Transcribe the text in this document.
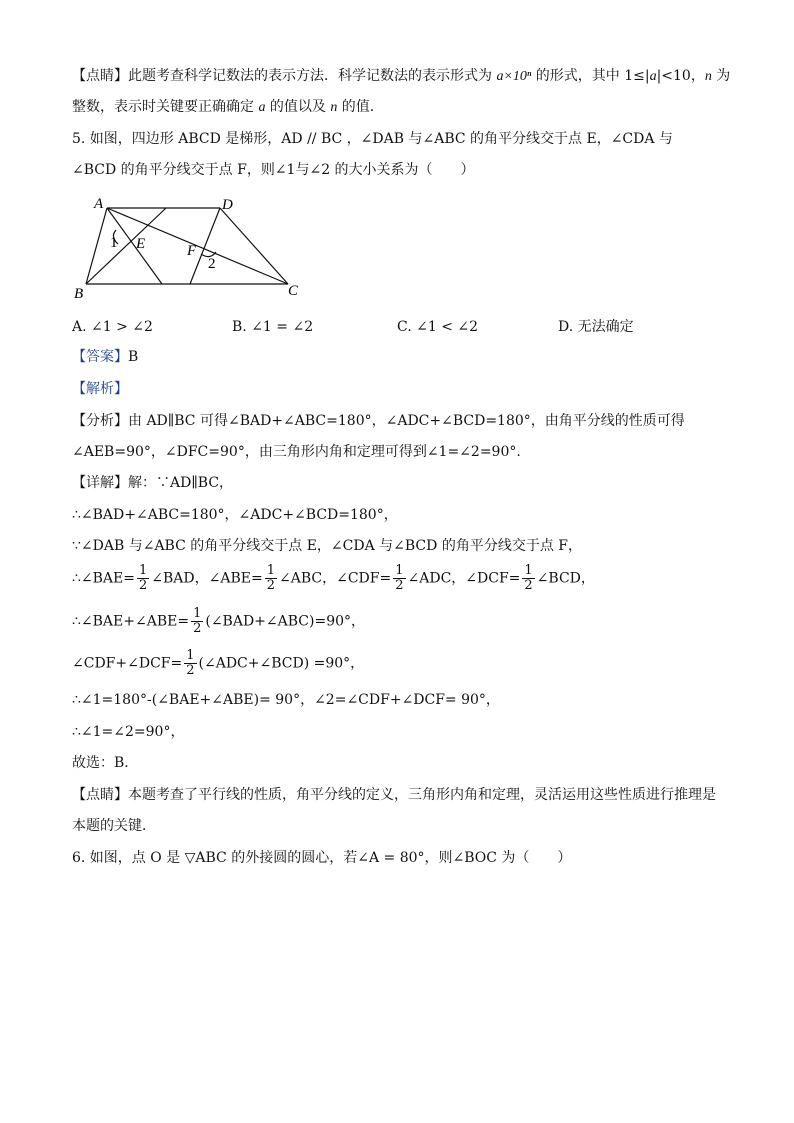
【点睛】此题考查科学记数法的表示方法．科学记数法的表示形式为 a×10ⁿ 的形式，其中 1≤|a|<10，n 为
整数，表示时关键要正确确定 a 的值以及 n 的值．
5. 如图，四边形 ABCD 是梯形，AD // BC ，∠DAB 与∠ABC 的角平分线交于点 E，∠CDA 与
∠BCD 的角平分线交于点 F，则∠1与∠2 的大小关系为（　　）
A	D
B	C
E	F
1
2
A. ∠1 > ∠2	B. ∠1 = ∠2	C. ∠1 < ∠2	D. 无法确定
【答案】B
【解析】
【分析】由 AD∥BC 可得∠BAD+∠ABC=180°，∠ADC+∠BCD=180°，由角平分线的性质可得
∠AEB=90°，∠DFC=90°，由三角形内角和定理可得到∠1=∠2=90°.
【详解】解：∵AD∥BC，
∴∠BAD+∠ABC=180°，∠ADC+∠BCD=180°，
∵∠DAB 与∠ABC 的角平分线交于点 E，∠CDA 与∠BCD 的角平分线交于点 F，
∴∠BAE= $\frac{1}{2}$ ∠BAD，∠ABE= $\frac{1}{2}$ ∠ABC，∠CDF= $\frac{1}{2}$ ∠ADC，∠DCF= $\frac{1}{2}$ ∠BCD，
∴∠BAE+∠ABE= $\frac{1}{2}$ (∠BAD+∠ABC)=90°，
∠CDF+∠DCF= $\frac{1}{2}$ (∠ADC+∠BCD) =90°，
∴∠1=180°-(∠BAE+∠ABE)= 90°，∠2=∠CDF+∠DCF= 90°，
∴∠1=∠2=90°，
故选：B．
【点睛】本题考查了平行线的性质，角平分线的定义，三角形内角和定理，灵活运用这些性质进行推理是
本题的关键．
6. 如图，点 O 是 ▽ABC 的外接圆的圆心，若∠A = 80°，则∠BOC 为（　　）
